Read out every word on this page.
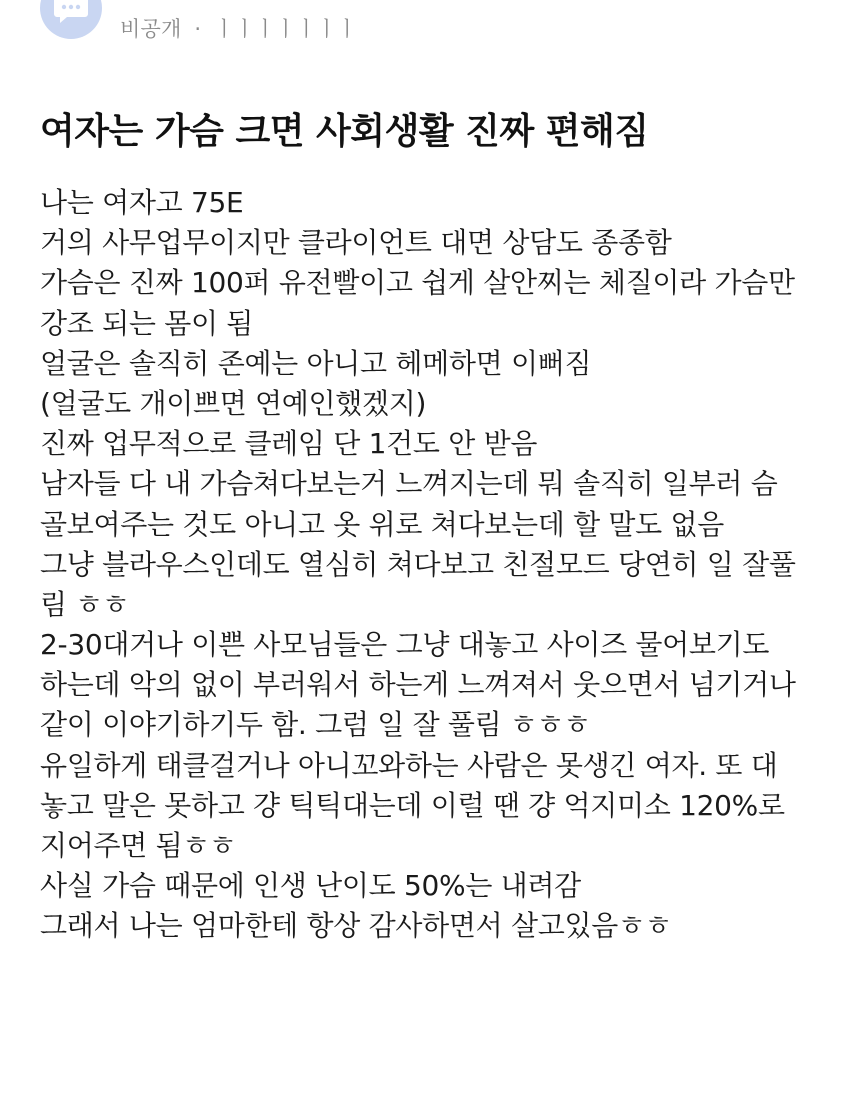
비공개 · ㅣㅣㅣㅣㅣㅣㅣ
여자는 가슴 크면 사회생활 진짜 편해짐
나는 여자고 75E
거의 사무업무이지만 클라이언트 대면 상담도 종종함
가슴은 진짜 100퍼 유전빨이고 쉽게 살안찌는 체질이라 가슴만
강조 되는 몸이 됨
얼굴은 솔직히 존예는 아니고 헤메하면 이뻐짐
(얼굴도 개이쁘면 연예인했겠지)
진짜 업무적으로 클레임 단 1건도 안 받음
남자들 다 내 가슴쳐다보는거 느껴지는데 뭐 솔직히 일부러 슴
골보여주는 것도 아니고 옷 위로 쳐다보는데 할 말도 없음
그냥 블라우스인데도 열심히 쳐다보고 친절모드 당연히 일 잘풀
림 ㅎㅎ
2-30대거나 이쁜 사모님들은 그냥 대놓고 사이즈 물어보기도
하는데 악의 없이 부러워서 하는게 느껴져서 웃으면서 넘기거나
같이 이야기하기두 함. 그럼 일 잘 풀림 ㅎㅎㅎ
유일하게 태클걸거나 아니꼬와하는 사람은 못생긴 여자. 또 대
놓고 말은 못하고 걍 틱틱대는데 이럴 땐 걍 억지미소 120%로
지어주면 됨ㅎㅎ
사실 가슴 때문에 인생 난이도 50%는 내려감
그래서 나는 엄마한테 항상 감사하면서 살고있음ㅎㅎ
